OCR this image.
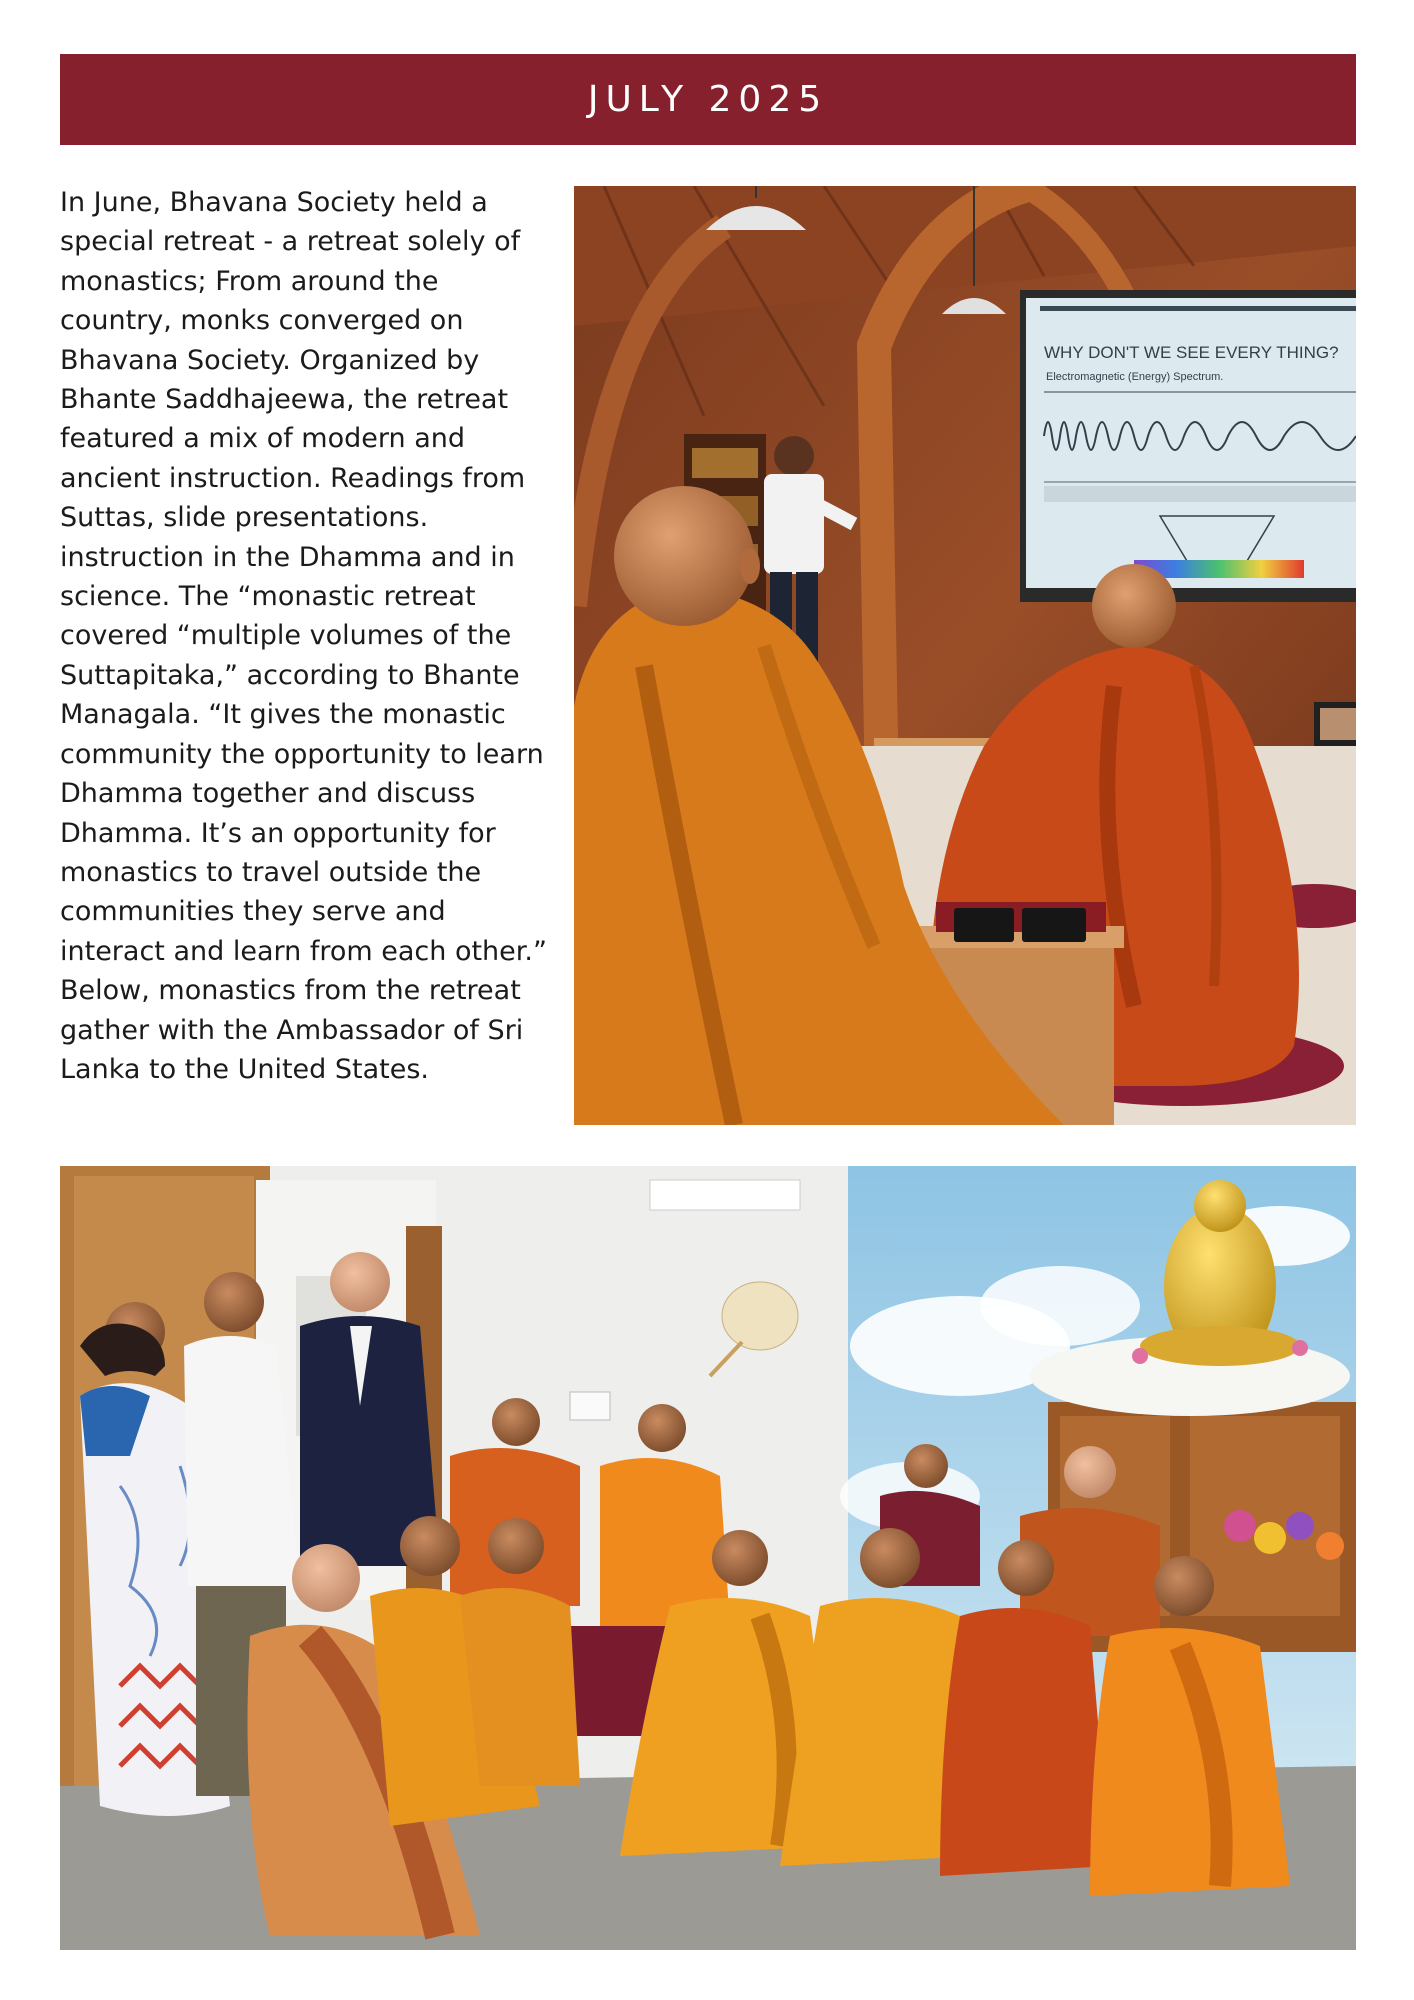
JULY 2025

In June, Bhavana Society held a special retreat - a retreat solely of monastics; From around the country, monks converged on Bhavana Society. Organized by Bhante Saddhajeewa, the retreat featured a mix of modern and ancient instruction. Readings from Suttas, slide presentations. instruction in the Dhamma and in science. The “monastic retreat covered “multiple volumes of the Suttapitaka,” according to Bhante Managala. “It gives the monastic community the opportunity to learn Dhamma together and discuss Dhamma. It’s an opportunity for monastics to travel outside the communities they serve and interact and learn from each other.” Below, monastics from the retreat gather with the Ambassador of Sri Lanka to the United States.

WHY DON'T WE SEE EVERY THING?
Electromagnetic (Energy) Spectrum.
